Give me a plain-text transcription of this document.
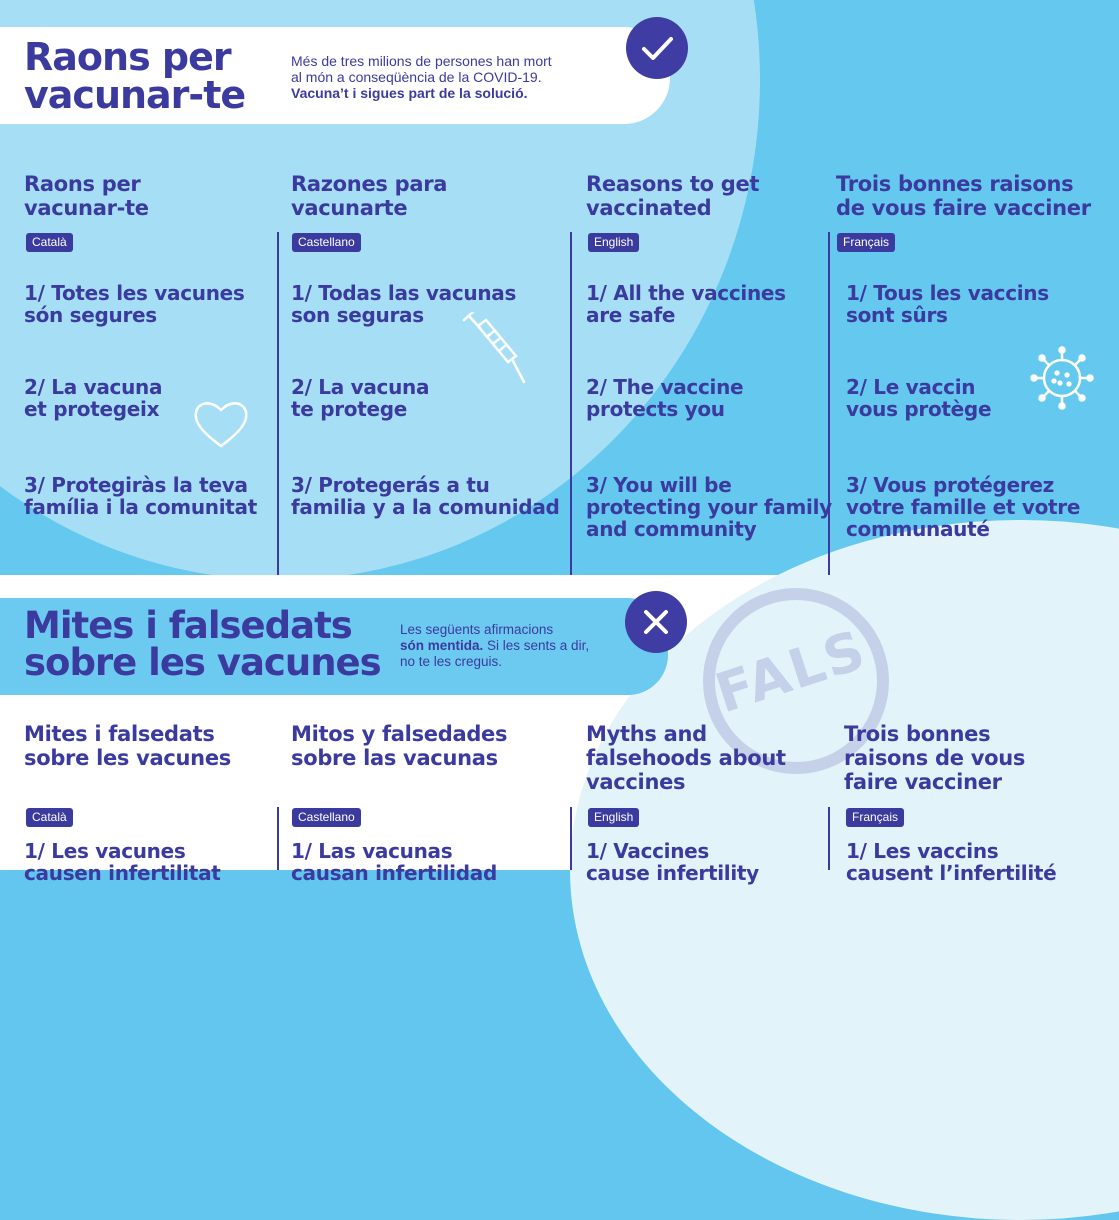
Raons per
vacunar-te
Més de tres milions de persones han mort
al món a conseqüència de la COVID-19.
Vacuna’t i sigues part de la solució.
Raons per
vacunar-te
Català
1/ Totes les vacunes
són segures
2/ La vacuna
et protegeix
3/ Protegiràs la teva
família i la comunitat
Razones para
vacunarte
Castellano
1/ Todas las vacunas
son seguras
2/ La vacuna
te protege
3/ Protegerás a tu
familia y a la comunidad
Reasons to get
vaccinated
English
1/ All the vaccines
are safe
2/ The vaccine
protects you
3/ You will be
protecting your family
and community
Trois bonnes raisons
de vous faire vacciner
Français
1/ Tous les vaccins
sont sûrs
2/ Le vaccin
vous protège
3/ Vous protégerez
votre famille et votre
communauté
FALS
Mites i falsedats
sobre les vacunes
Les següents afirmacions
són mentida. Si les sents a dir,
no te les creguis.
Mites i falsedats
sobre les vacunes
Català
1/ Les vacunes
causen infertilitat
Mitos y falsedades
sobre las vacunas
Castellano
1/ Las vacunas
causan infertilidad
Myths and
falsehoods about
vaccines
English
1/ Vaccines
cause infertility
Trois bonnes
raisons de vous
faire vacciner
Français
1/ Les vaccins
causent l’infertilité
